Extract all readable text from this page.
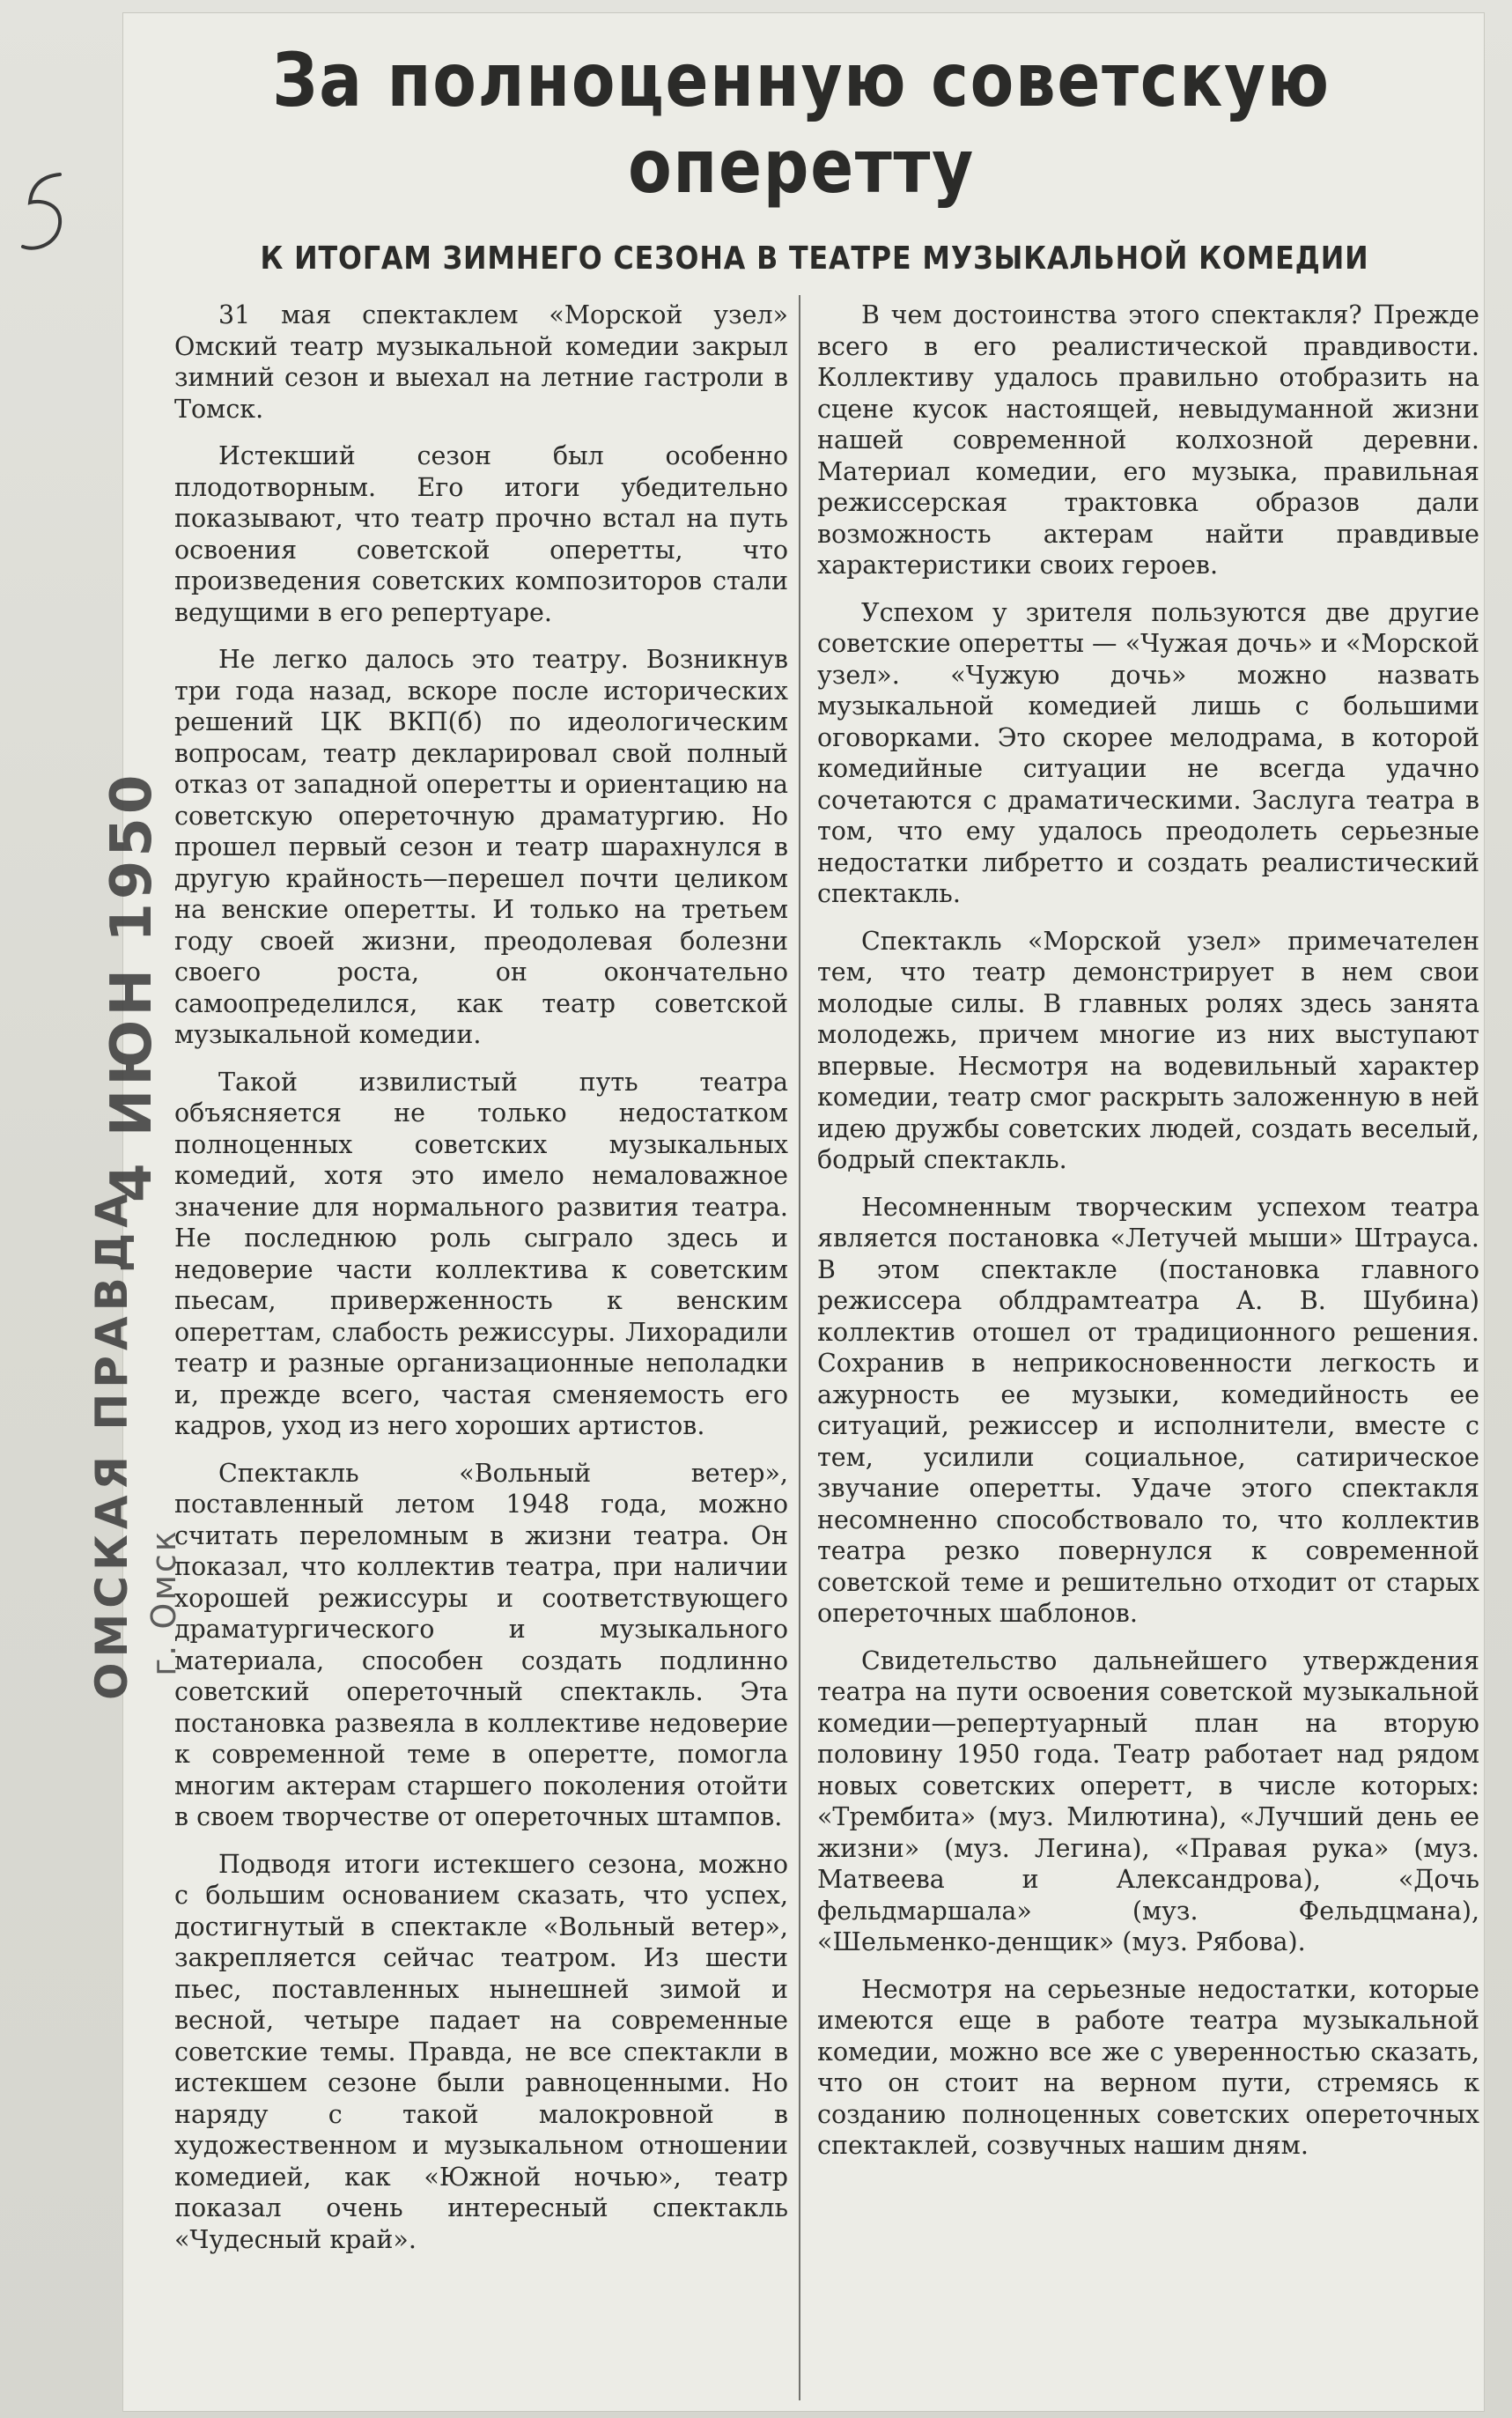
За полноценную советскую оперетту
К ИТОГАМ ЗИМНЕГО СЕЗОНА В ТЕАТРЕ МУЗЫКАЛЬНОЙ КОМЕДИИ

31 мая спектаклем «Морской узел» Омский театр музыкальной комедии закрыл зимний сезон и выехал на летние гастроли в Томск.

Истекший сезон был особенно плодотворным. Его итоги убедительно показывают, что театр прочно встал на путь освоения советской оперетты, что произведения советских композиторов стали ведущими в его репертуаре.

Не легко далось это театру. Возникнув три года назад, вскоре после исторических решений ЦК ВКП(б) по идеологическим вопросам, театр декларировал свой полный отказ от западной оперетты и ориентацию на советскую опереточную драматургию. Но прошел первый сезон и театр шарахнулся в другую крайность—перешел почти целиком на венские оперетты. И только на третьем году своей жизни, преодолевая болезни своего роста, он окончательно самоопределился, как театр советской музыкальной комедии.

Такой извилистый путь театра объясняется не только недостатком полноценных советских музыкальных комедий, хотя это имело немаловажное значение для нормального развития театра. Не последнюю роль сыграло здесь и недоверие части коллектива к советским пьесам, приверженность к венским опереттам, слабость режиссуры. Лихорадили театр и разные организационные неполадки и, прежде всего, частая сменяемость его кадров, уход из него хороших артистов.

Спектакль «Вольный ветер», поставленный летом 1948 года, можно считать переломным в жизни театра. Он показал, что коллектив театра, при наличии хорошей режиссуры и соответствующего драматургического и музыкального материала, способен создать подлинно советский опереточный спектакль. Эта постановка развеяла в коллективе недоверие к современной теме в оперетте, помогла многим актерам старшего поколения отойти в своем творчестве от опереточных штампов.

Подводя итоги истекшего сезона, можно с большим основанием сказать, что успех, достигнутый в спектакле «Вольный ветер», закрепляется сейчас театром. Из шести пьес, поставленных нынешней зимой и весной, четыре падает на современные советские темы. Правда, не все спектакли в истекшем сезоне были равноценными. Но наряду с такой малокровной в художественном и музыкальном отношении комедией, как «Южной ночью», театр показал очень интересный спектакль «Чудесный край».

В чем достоинства этого спектакля? Прежде всего в его реалистической правдивости. Коллективу удалось правильно отобразить на сцене кусок настоящей, невыдуманной жизни нашей современной колхозной деревни. Материал комедии, его музыка, правильная режиссерская трактовка образов дали возможность актерам найти правдивые характеристики своих героев.

Успехом у зрителя пользуются две другие советские оперетты — «Чужая дочь» и «Морской узел». «Чужую дочь» можно назвать музыкальной комедией лишь с большими оговорками. Это скорее мелодрама, в которой комедийные ситуации не всегда удачно сочетаются с драматическими. Заслуга театра в том, что ему удалось преодолеть серьезные недостатки либретто и создать реалистический спектакль.

Спектакль «Морской узел» примечателен тем, что театр демонстрирует в нем свои молодые силы. В главных ролях здесь занята молодежь, причем многие из них выступают впервые. Несмотря на водевильный характер комедии, театр смог раскрыть заложенную в ней идею дружбы советских людей, создать веселый, бодрый спектакль.

Несомненным творческим успехом театра является постановка «Летучей мыши» Штрауса. В этом спектакле (постановка главного режиссера облдрамтеатра А. В. Шубина) коллектив отошел от традиционного решения. Сохранив в неприкосновенности легкость и ажурность ее музыки, комедийность ее ситуаций, режиссер и исполнители, вместе с тем, усилили социальное, сатирическое звучание оперетты. Удаче этого спектакля несомненно способствовало то, что коллектив театра резко повернулся к современной советской теме и решительно отходит от старых опереточных шаблонов.

Свидетельство дальнейшего утверждения театра на пути освоения советской музыкальной комедии—репертуарный план на вторую половину 1950 года. Театр работает над рядом новых советских оперетт, в числе которых: «Трембита» (муз. Милютина), «Лучший день ее жизни» (муз. Легина), «Правая рука» (муз. Матвеева и Александрова), «Дочь фельдмаршала» (муз. Фельдцмана), «Шельменко-денщик» (муз. Рябова).

Несмотря на серьезные недостатки, которые имеются еще в работе театра музыкальной комедии, можно все же с уверенностью сказать, что он стоит на верном пути, стремясь к созданию полноценных советских опереточных спектаклей, созвучных нашим дням.

4 ИЮН 1950
ОМСКАЯ ПРАВДА г. Омск
